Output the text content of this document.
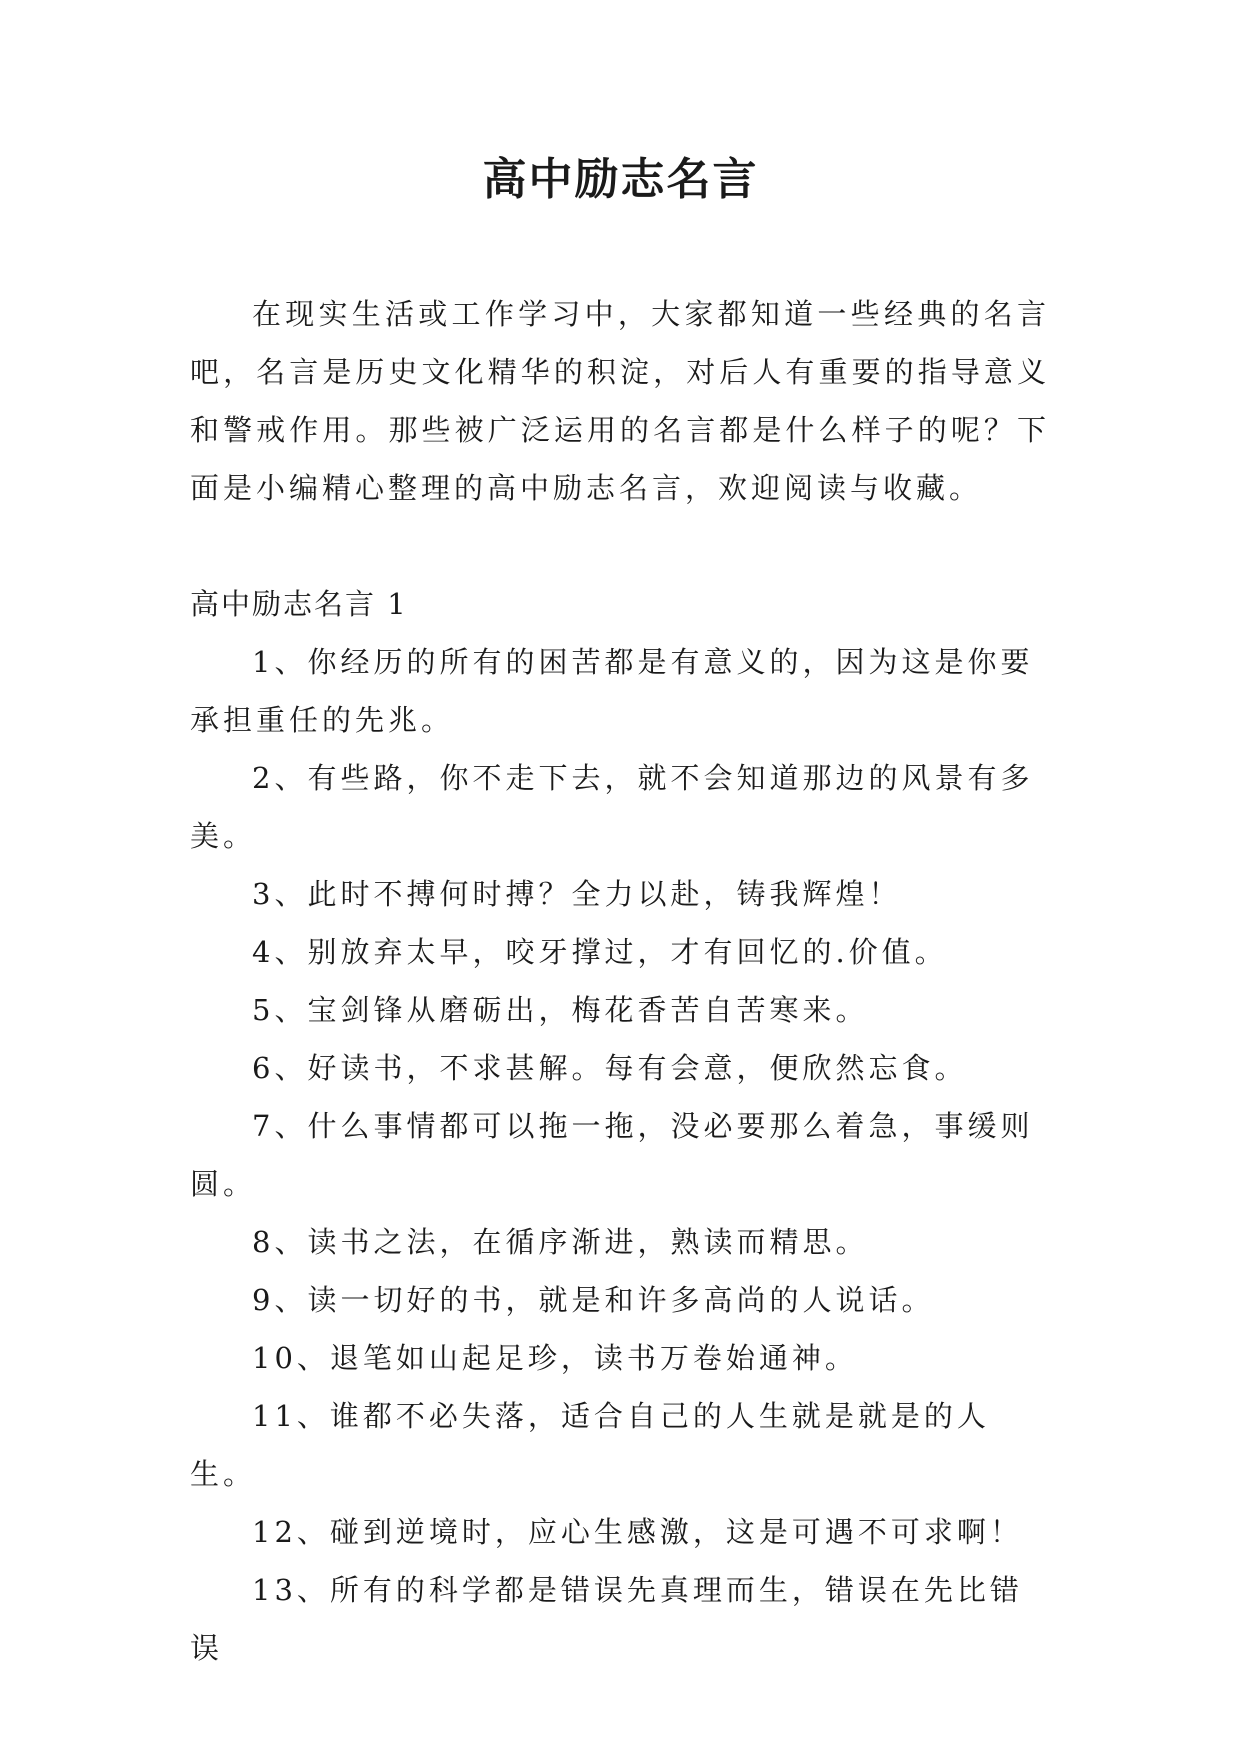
高中励志名言

在现实生活或工作学习中，大家都知道一些经典的名言吧，名言是历史文化精华的积淀，对后人有重要的指导意义和警戒作用。那些被广泛运用的名言都是什么样子的呢？下面是小编精心整理的高中励志名言，欢迎阅读与收藏。

高中励志名言 1

1、你经历的所有的困苦都是有意义的，因为这是你要承担重任的先兆。

2、有些路，你不走下去，就不会知道那边的风景有多美。

3、此时不搏何时搏？全力以赴，铸我辉煌！

4、别放弃太早，咬牙撑过，才有回忆的.价值。

5、宝剑锋从磨砺出，梅花香苦自苦寒来。

6、好读书，不求甚解。每有会意，便欣然忘食。

7、什么事情都可以拖一拖，没必要那么着急，事缓则圆。

8、读书之法，在循序渐进，熟读而精思。

9、读一切好的书，就是和许多高尚的人说话。

10、退笔如山起足珍，读书万卷始通神。

11、谁都不必失落，适合自己的人生就是就是的人生。

12、碰到逆境时，应心生感激，这是可遇不可求啊！

13、所有的科学都是错误先真理而生，错误在先比错误
